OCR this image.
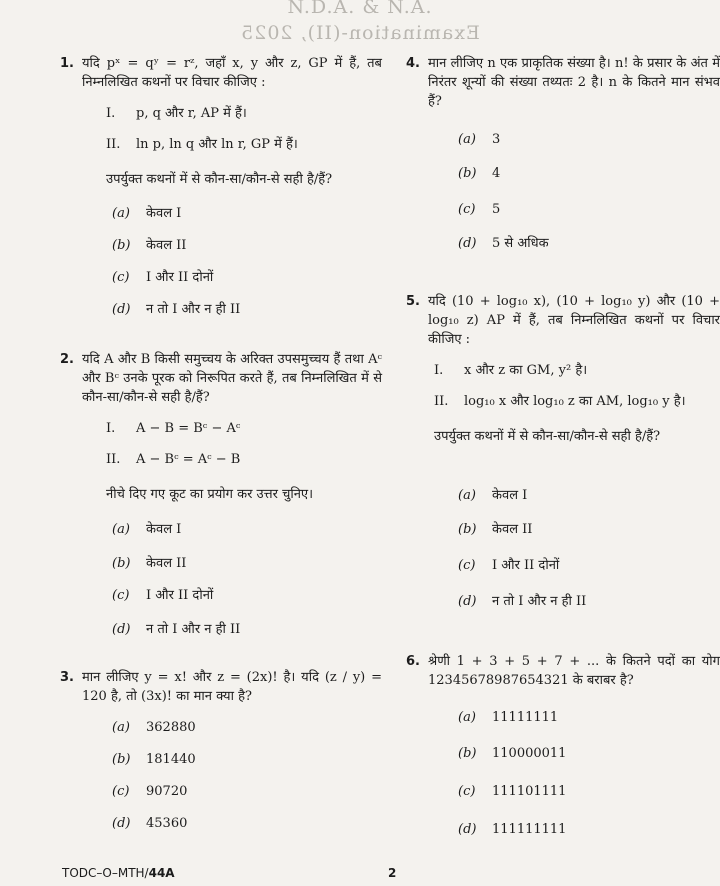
N.D.A. & N.A.
Examination-(II), 2025
1. यदि pˣ = qʸ = rᶻ, जहाँ x, y और z, GP में हैं, तब निम्नलिखित कथनों पर विचार कीजिए :
I.	p, q और r, AP में हैं।
II.	ln p, ln q और ln r, GP में हैं।
उपर्युक्त कथनों में से कौन-सा/कौन-से सही है/हैं?
(a)	केवल I
(b)	केवल II
(c)	I और II दोनों
(d)	न तो I और न ही II
2. यदि A और B किसी समुच्चय के अरिक्त उपसमुच्चय हैं तथा Aᶜ और Bᶜ उनके पूरक को निरूपित करते हैं, तब निम्नलिखित में से कौन-सा/कौन-से सही है/हैं?
I.	A − B = Bᶜ − Aᶜ
II.	A − Bᶜ = Aᶜ − B
नीचे दिए गए कूट का प्रयोग कर उत्तर चुनिए।
(a)	केवल I
(b)	केवल II
(c)	I और II दोनों
(d)	न तो I और न ही II
3. मान लीजिए y = x! और z = (2x)! है। यदि (z / y) = 120 है, तो (3x)! का मान क्या है?
(a)	362880
(b)	181440
(c)	90720
(d)	45360
4. मान लीजिए n एक प्राकृतिक संख्या है। n! के प्रसार के अंत में निरंतर शून्यों की संख्या तथ्यतः 2 है। n के कितने मान संभव हैं?
(a)	3
(b)	4
(c)	5
(d)	5 से अधिक
5. यदि (10 + log₁₀ x), (10 + log₁₀ y) और (10 + log₁₀ z) AP में हैं, तब निम्नलिखित कथनों पर विचार कीजिए :
I.	x और z का GM, y² है।
II.	log₁₀ x और log₁₀ z का AM, log₁₀ y है।
उपर्युक्त कथनों में से कौन-सा/कौन-से सही है/हैं?
(a)	केवल I
(b)	केवल II
(c)	I और II दोनों
(d)	न तो I और न ही II
6. श्रेणी 1 + 3 + 5 + 7 + ... के कितने पदों का योग 12345678987654321 के बराबर है?
(a)	11111111
(b)	110000011
(c)	111101111
(d)	111111111
TODC–O–MTH/44A	2
